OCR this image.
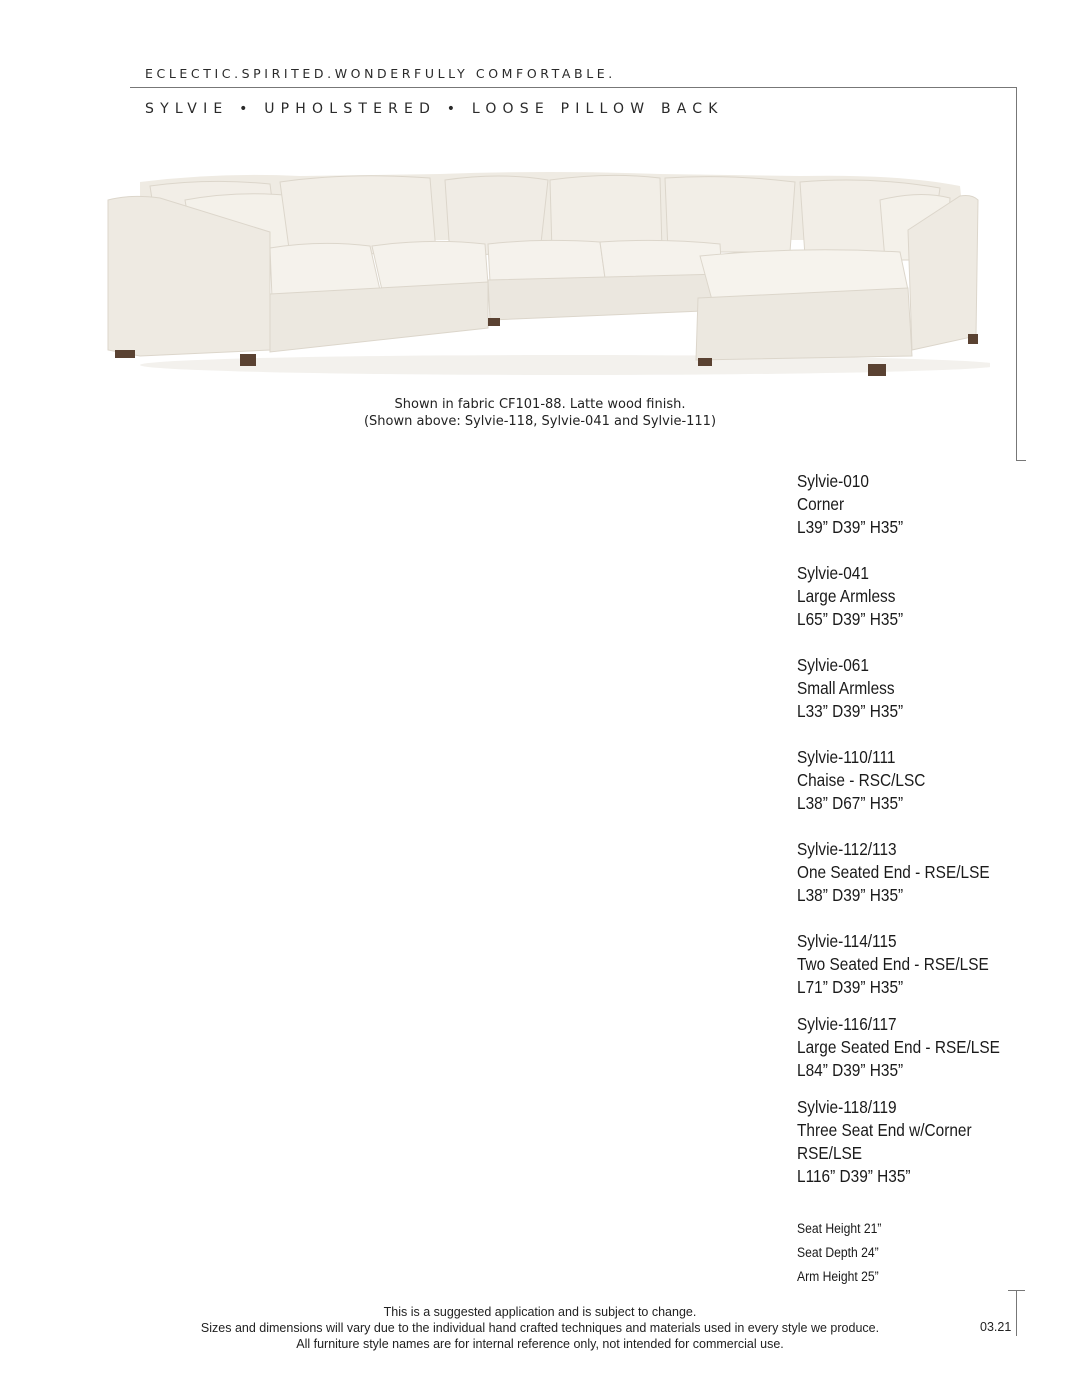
ECLECTIC.SPIRITED.WONDERFULLY COMFORTABLE.
SYLVIE • UPHOLSTERED • LOOSE PILLOW BACK
Shown in fabric CF101-88. Latte wood finish.
(Shown above: Sylvie-118, Sylvie-041 and Sylvie-111)
Sylvie-010
Corner
L39” D39” H35”
Sylvie-041
Large Armless
L65” D39” H35”
Sylvie-061
Small Armless
L33” D39” H35”
Sylvie-110/111
Chaise - RSC/LSC
L38” D67” H35”
Sylvie-112/113
One Seated End - RSE/LSE
L38” D39” H35”
Sylvie-114/115
Two Seated End - RSE/LSE
L71” D39” H35”
Sylvie-116/117
Large Seated End - RSE/LSE
L84” D39” H35”
Sylvie-118/119
Three Seat End w/Corner
RSE/LSE
L116” D39” H35”
Seat Height 21”
Seat Depth 24”
Arm Height 25”
This is a suggested application and is subject to change.
Sizes and dimensions will vary due to the individual hand crafted techniques and materials used in every style we produce.
All furniture style names are for internal reference only, not intended for commercial use.
03.21
